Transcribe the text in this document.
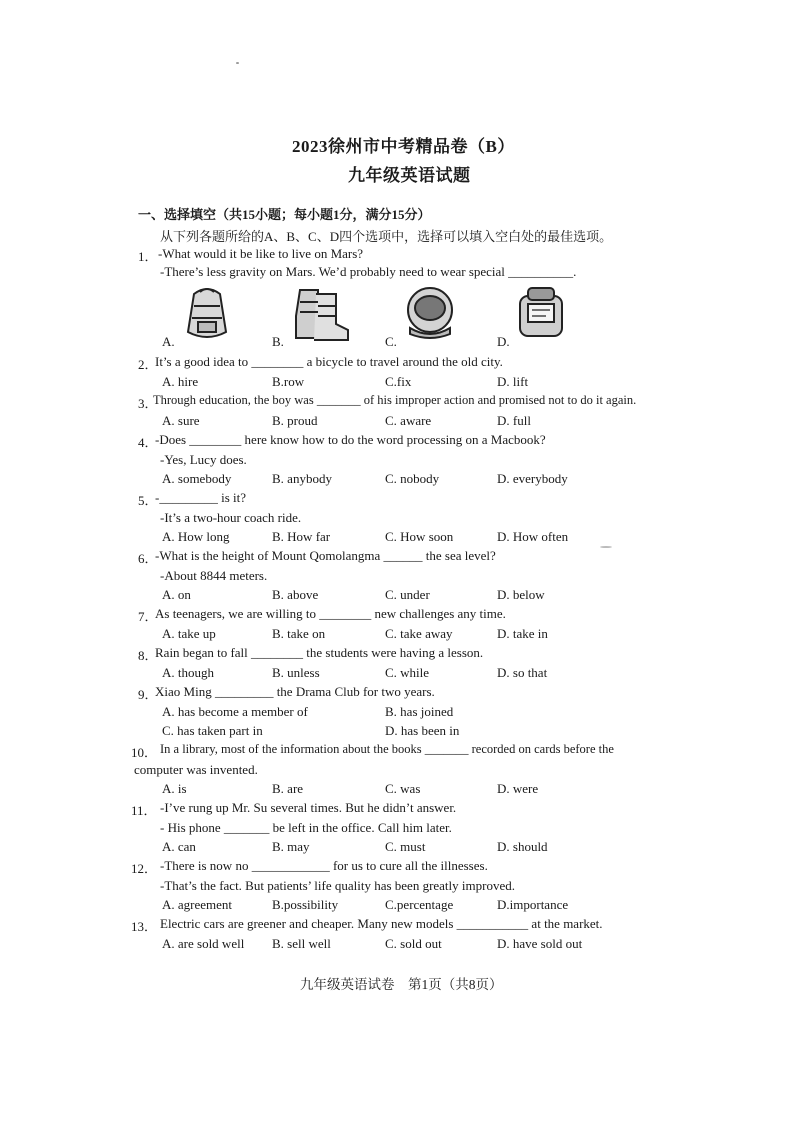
2023徐州市中考精品卷（B）
九年级英语试题
一、选择填空（共15小题；每小题1分，满分15分）
从下列各题所给的A、B、C、D四个选项中，选择可以填入空白处的最佳选项。
1． -What would it be like to live on Mars?
-There’s less gravity on Mars. We’d probably need to wear special __________.
A.	B.	C.	D.
2．
It’s a good idea to ________ a bicycle to travel around the old city.
A. hire	B.row	C.fix	D. lift
3．
Through education, the boy was _______ of his improper action and promised not to do it again.
A. sure	B. proud	C. aware	D. full
4．
-Does ________ here know how to do the word processing on a Macbook?
-Yes, Lucy does.
A. somebody	B. anybody	C. nobody	D. everybody
5．
-_________ is it?
-It’s a two-hour coach ride.
A. How long	B. How far	C. How soon	D. How often
6．
-What is the height of Mount Qomolangma ______ the sea level?
-About 8844 meters.
A. on	B. above	C. under	D. below
7．
As teenagers, we are willing to ________ new challenges any time.
A. take up	B. take on	C. take away	D. take in
8．
Rain began to fall ________ the students were having a lesson.
A. though	B. unless	C. while	D. so that
9．
Xiao Ming _________ the Drama Club for two years.
A. has become a member of	B. has joined
C. has taken part in	D. has been in
10． In a library, most of the information about the books _______ recorded on cards before the
computer was invented.
A. is	B. are	C. was	D. were
11． -I’ve rung up Mr. Su several times. But he didn’t answer.
- His phone _______ be left in the office. Call him later.
A. can	B. may	C. must	D. should
12． -There is now no ____________ for us to cure all the illnesses.
-That’s the fact. But patients’ life quality has been greatly improved.
A. agreement	B.possibility	C.percentage	D.importance
13． Electric cars are greener and cheaper. Many new models ___________ at the market.
A. are sold well B. sell well	C. sold out	D. have sold out
九年级英语试卷　第1页（共8页）
